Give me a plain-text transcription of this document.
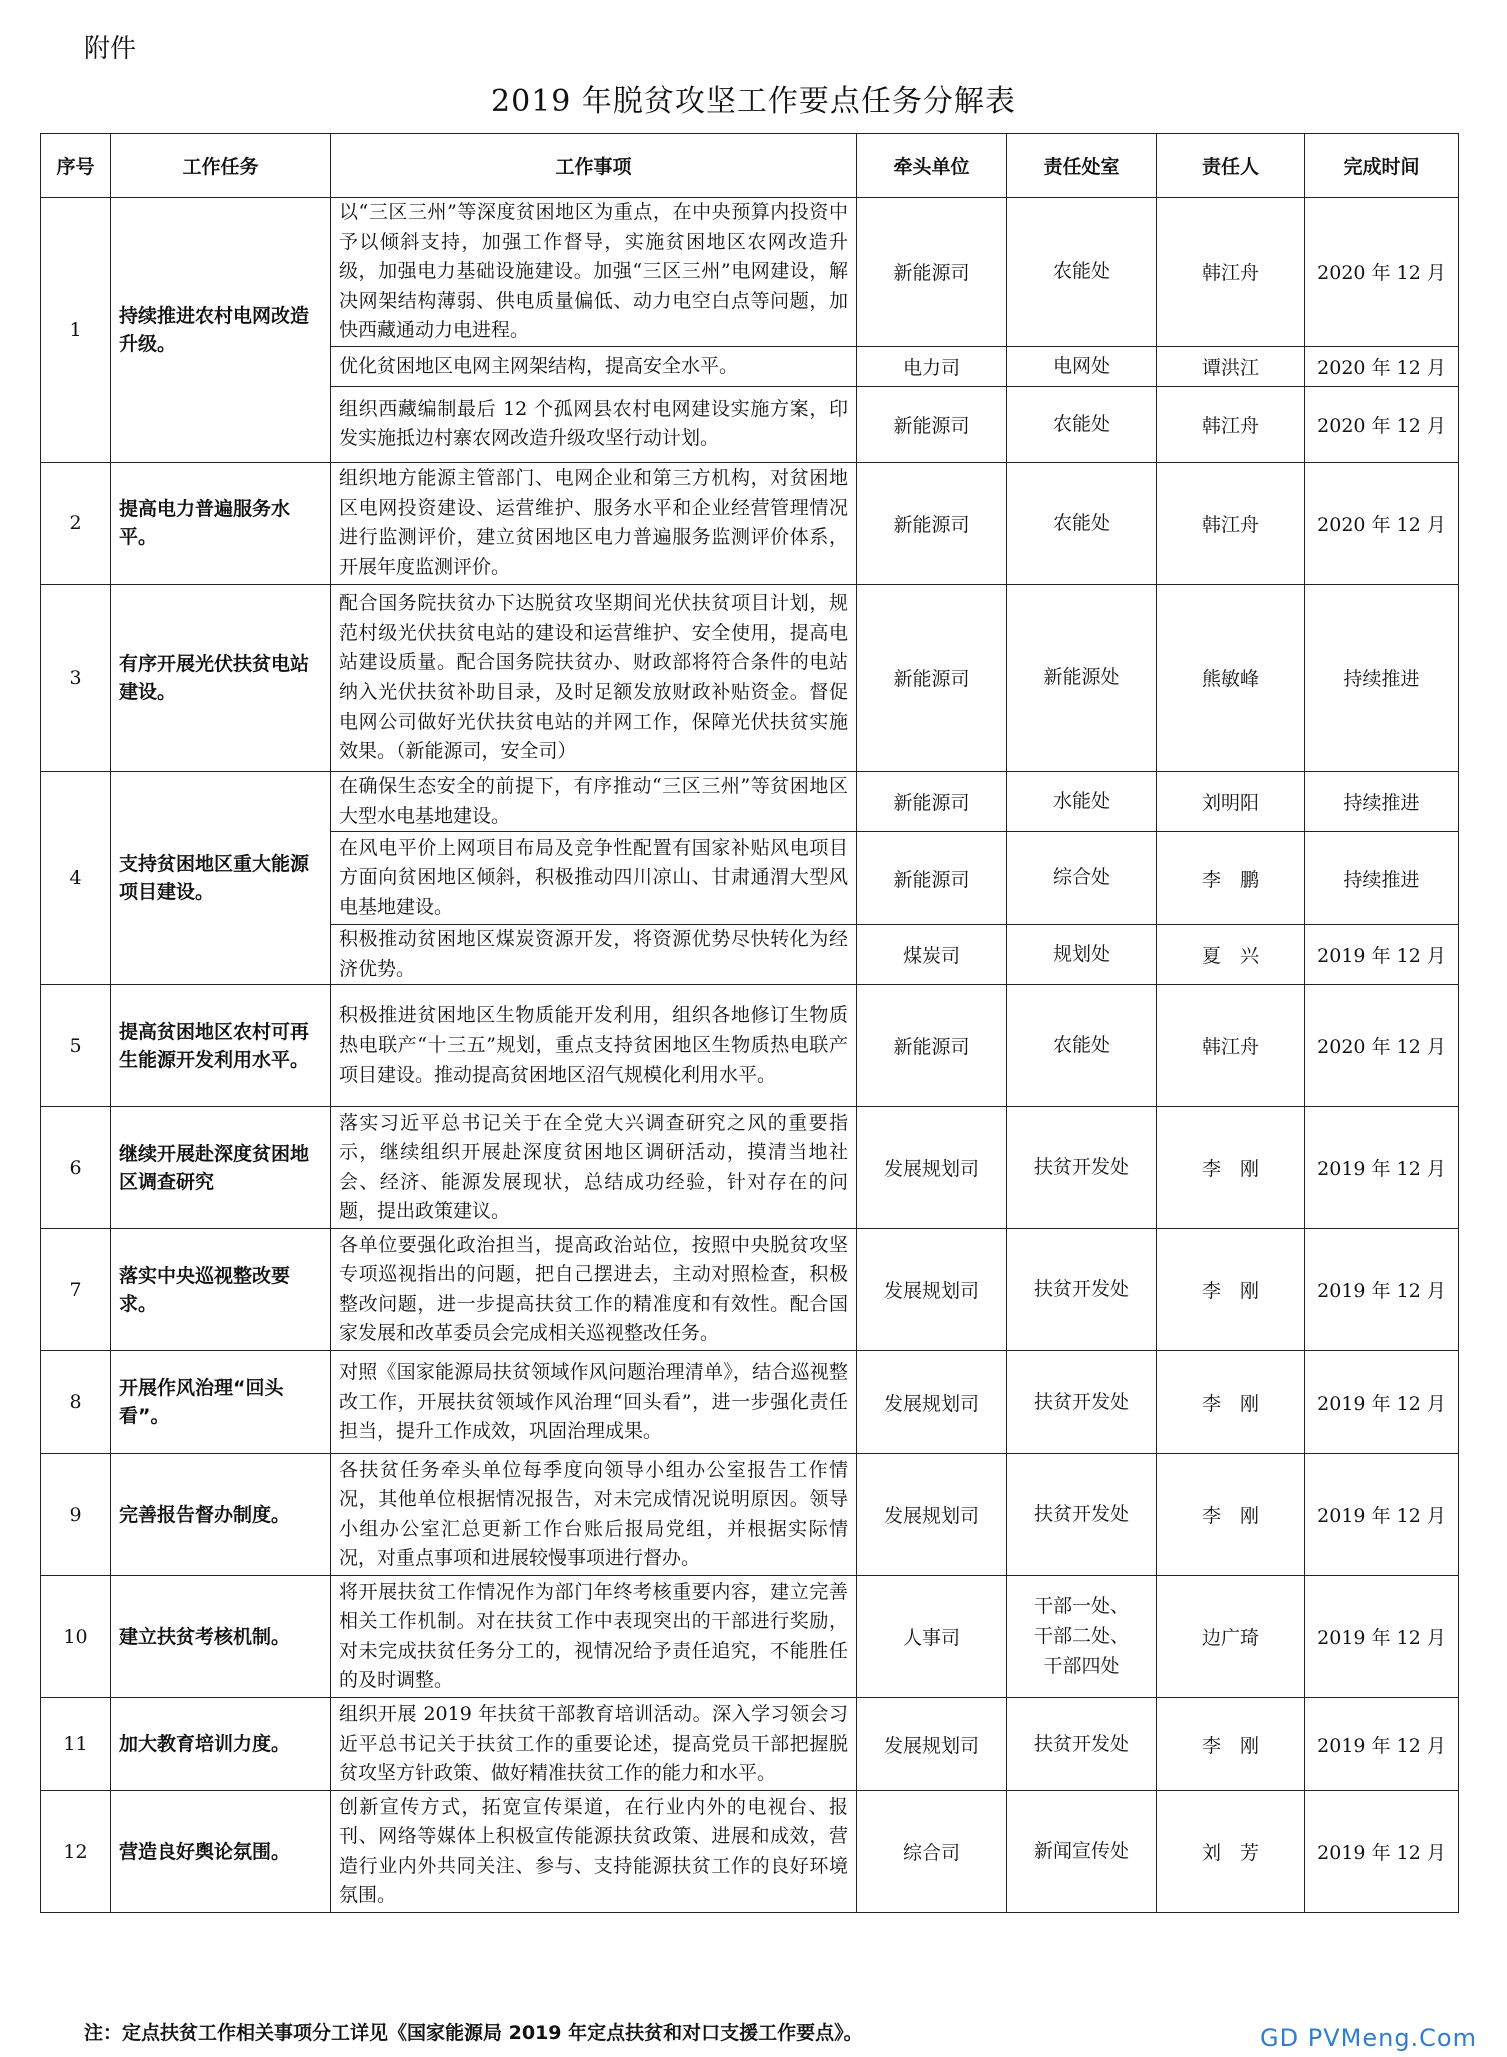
附件
2019 年脱贫攻坚工作要点任务分解表
序号	工作任务	工作事项	牵头单位	责任处室	责任人	完成时间
1	持续推进农村电网改造升级。	以“三区三州”等深度贫困地区为重点，在中央预算内投资中予以倾斜支持，加强工作督导，实施贫困地区农网改造升级，加强电力基础设施建设。加强“三区三州”电网建设，解决网架结构薄弱、供电质量偏低、动力电空白点等问题，加快西藏通动力电进程。	新能源司	农能处	韩江舟	2020 年 12 月
		优化贫困地区电网主网架结构，提高安全水平。	电力司	电网处	谭洪江	2020 年 12 月
		组织西藏编制最后 12 个孤网县农村电网建设实施方案，印发实施抵边村寨农网改造升级攻坚行动计划。	新能源司	农能处	韩江舟	2020 年 12 月
2	提高电力普遍服务水平。	组织地方能源主管部门、电网企业和第三方机构，对贫困地区电网投资建设、运营维护、服务水平和企业经营管理情况进行监测评价，建立贫困地区电力普遍服务监测评价体系，开展年度监测评价。	新能源司	农能处	韩江舟	2020 年 12 月
3	有序开展光伏扶贫电站建设。	配合国务院扶贫办下达脱贫攻坚期间光伏扶贫项目计划，规范村级光伏扶贫电站的建设和运营维护、安全使用，提高电站建设质量。配合国务院扶贫办、财政部将符合条件的电站纳入光伏扶贫补助目录，及时足额发放财政补贴资金。督促电网公司做好光伏扶贫电站的并网工作，保障光伏扶贫实施效果。（新能源司，安全司）	新能源司	新能源处	熊敏峰	持续推进
4	支持贫困地区重大能源项目建设。	在确保生态安全的前提下，有序推动“三区三州”等贫困地区大型水电基地建设。	新能源司	水能处	刘明阳	持续推进
		在风电平价上网项目布局及竞争性配置有国家补贴风电项目方面向贫困地区倾斜，积极推动四川凉山、甘肃通渭大型风电基地建设。	新能源司	综合处	李　鹏	持续推进
		积极推动贫困地区煤炭资源开发，将资源优势尽快转化为经济优势。	煤炭司	规划处	夏　兴	2019 年 12 月
5	提高贫困地区农村可再生能源开发利用水平。	积极推进贫困地区生物质能开发利用，组织各地修订生物质热电联产“十三五”规划，重点支持贫困地区生物质热电联产项目建设。推动提高贫困地区沼气规模化利用水平。	新能源司	农能处	韩江舟	2020 年 12 月
6	继续开展赴深度贫困地区调查研究	落实习近平总书记关于在全党大兴调查研究之风的重要指示，继续组织开展赴深度贫困地区调研活动，摸清当地社会、经济、能源发展现状，总结成功经验，针对存在的问题，提出政策建议。	发展规划司	扶贫开发处	李　刚	2019 年 12 月
7	落实中央巡视整改要求。	各单位要强化政治担当，提高政治站位，按照中央脱贫攻坚专项巡视指出的问题，把自己摆进去，主动对照检查，积极整改问题，进一步提高扶贫工作的精准度和有效性。配合国家发展和改革委员会完成相关巡视整改任务。	发展规划司	扶贫开发处	李　刚	2019 年 12 月
8	开展作风治理“回头看”。	对照《国家能源局扶贫领域作风问题治理清单》，结合巡视整改工作，开展扶贫领域作风治理“回头看”，进一步强化责任担当，提升工作成效，巩固治理成果。	发展规划司	扶贫开发处	李　刚	2019 年 12 月
9	完善报告督办制度。	各扶贫任务牵头单位每季度向领导小组办公室报告工作情况，其他单位根据情况报告，对未完成情况说明原因。领导小组办公室汇总更新工作台账后报局党组，并根据实际情况，对重点事项和进展较慢事项进行督办。	发展规划司	扶贫开发处	李　刚	2019 年 12 月
10	建立扶贫考核机制。	将开展扶贫工作情况作为部门年终考核重要内容，建立完善相关工作机制。对在扶贫工作中表现突出的干部进行奖励，对未完成扶贫任务分工的，视情况给予责任追究，不能胜任的及时调整。	人事司	干部一处、
干部二处、
干部四处	边广琦	2019 年 12 月
11	加大教育培训力度。	组织开展 2019 年扶贫干部教育培训活动。深入学习领会习近平总书记关于扶贫工作的重要论述，提高党员干部把握脱贫攻坚方针政策、做好精准扶贫工作的能力和水平。	发展规划司	扶贫开发处	李　刚	2019 年 12 月
12	营造良好舆论氛围。	创新宣传方式，拓宽宣传渠道，在行业内外的电视台、报刊、网络等媒体上积极宣传能源扶贫政策、进展和成效，营造行业内外共同关注、参与、支持能源扶贫工作的良好环境氛围。	综合司	新闻宣传处	刘　芳	2019 年 12 月
注：定点扶贫工作相关事项分工详见《国家能源局 2019 年定点扶贫和对口支援工作要点》。	GD PVMeng.Com
